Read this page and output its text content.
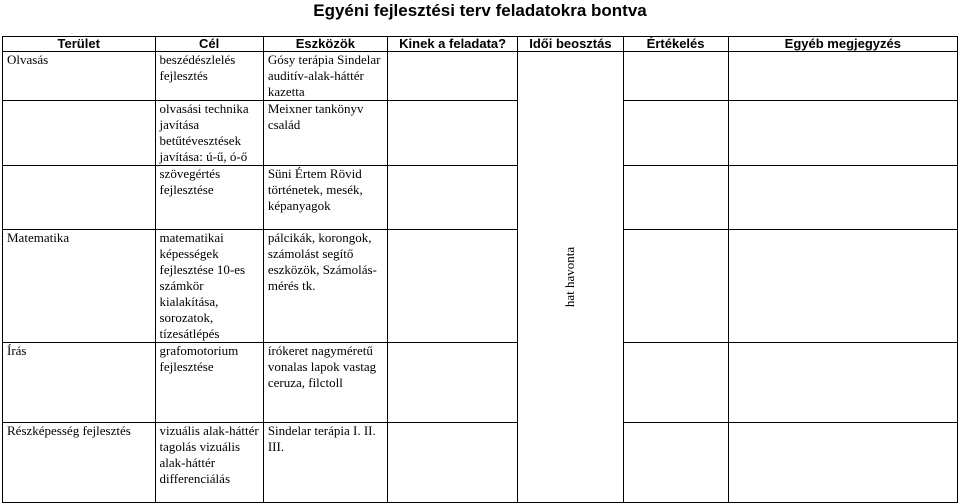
Egyéni fejlesztési terv feladatokra bontva
Terület	Cél	Eszközök	Kinek a feladata?	Idői beosztás	Értékelés	Egyéb megjegyzés
Olvasás	beszédészlelés fejlesztés	Gósy terápia Sindelar auditív-alak-háttér kazetta		hat havonta		

	olvasási technika javítása betűtévesztések javítása: ú-ű, ó-ő	Meixner tankönyv család				
	szövegértés fejlesztése	Süni Értem Rövid történetek, mesék, képanyagok				
Matematika	matematikai képességek fejlesztése 10-es számkör kialakítása, sorozatok, tízesátlépés	pálcikák, korongok, számolást segítő eszközök, Számolás-mérés tk.				
Írás	grafomotorium fejlesztése	írókeret nagyméretű vonalas lapok vastag ceruza, filctoll				
Részképesség fejlesztés	vizuális alak-háttér tagolás vizuális alak-háttér differenciálás	Sindelar terápia I. II. III.				
